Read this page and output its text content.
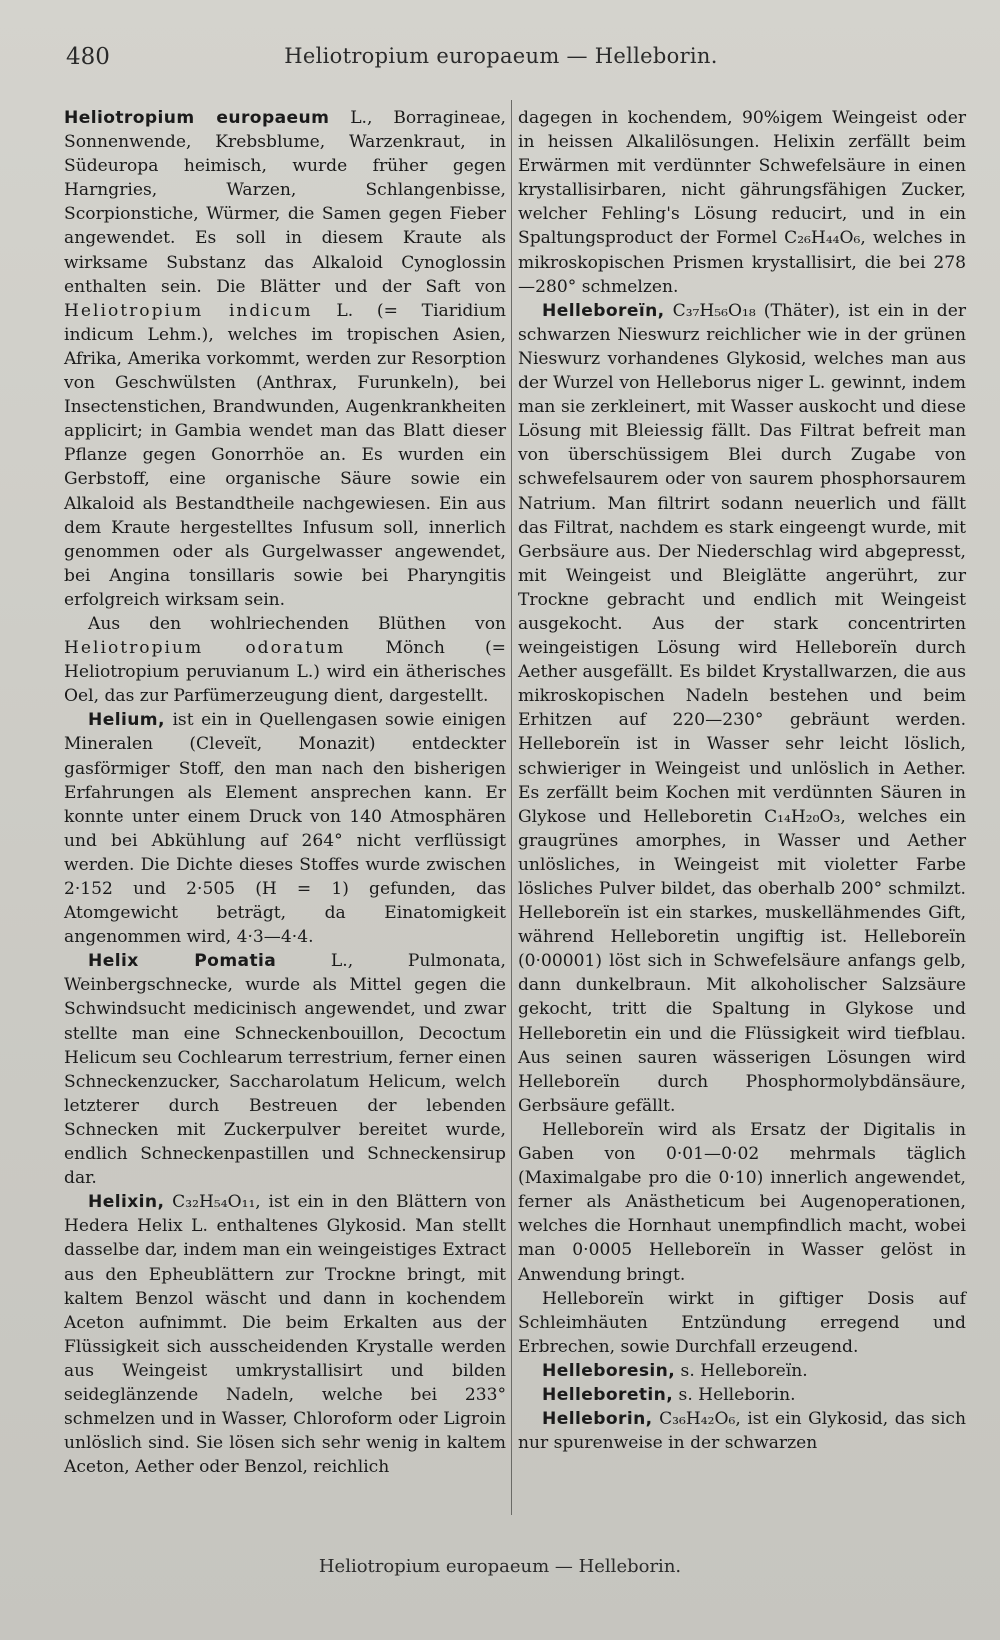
480	Heliotropium europaeum — Helleborin.

Heliotropium europaeum L., Borragineae, Sonnenwende, Krebsblume, Warzenkraut, in Südeuropa heimisch, wurde früher gegen Harngries, Warzen, Schlangenbisse, Scorpionstiche, Würmer, die Samen gegen Fieber angewendet. Es soll in diesem Kraute als wirksame Substanz das Alkaloid Cynoglossin enthalten sein. Die Blätter und der Saft von Heliotropium indicum L. (= Tiaridium indicum Lehm.), welches im tropischen Asien, Afrika, Amerika vorkommt, werden zur Resorption von Geschwülsten (Anthrax, Furunkeln), bei Insectenstichen, Brandwunden, Augenkrankheiten applicirt; in Gambia wendet man das Blatt dieser Pflanze gegen Gonorrhöe an. Es wurden ein Gerbstoff, eine organische Säure sowie ein Alkaloid als Bestandtheile nachgewiesen. Ein aus dem Kraute hergestelltes Infusum soll, innerlich genommen oder als Gurgelwasser angewendet, bei Angina tonsillaris sowie bei Pharyngitis erfolgreich wirksam sein.

Aus den wohlriechenden Blüthen von Heliotropium odoratum Mönch (= Heliotropium peruvianum L.) wird ein ätherisches Oel, das zur Parfümerzeugung dient, dargestellt.

Helium, ist ein in Quellengasen sowie einigen Mineralen (Cleveït, Monazit) entdeckter gasförmiger Stoff, den man nach den bisherigen Erfahrungen als Element ansprechen kann. Er konnte unter einem Druck von 140 Atmosphären und bei Abkühlung auf 264° nicht verflüssigt werden. Die Dichte dieses Stoffes wurde zwischen 2·152 und 2·505 (H = 1) gefunden, das Atomgewicht beträgt, da Einatomigkeit angenommen wird, 4·3—4·4.

Helix Pomatia L., Pulmonata, Weinbergschnecke, wurde als Mittel gegen die Schwindsucht medicinisch angewendet, und zwar stellte man eine Schneckenbouillon, Decoctum Helicum seu Cochlearum terrestrium, ferner einen Schneckenzucker, Saccharolatum Helicum, welch letzterer durch Bestreuen der lebenden Schnecken mit Zuckerpulver bereitet wurde, endlich Schneckenpastillen und Schneckensirup dar.

Helixin, C₃₂H₅₄O₁₁, ist ein in den Blättern von Hedera Helix L. enthaltenes Glykosid. Man stellt dasselbe dar, indem man ein weingeistiges Extract aus den Epheublättern zur Trockne bringt, mit kaltem Benzol wäscht und dann in kochendem Aceton aufnimmt. Die beim Erkalten aus der Flüssigkeit sich ausscheidenden Krystalle werden aus Weingeist umkrystallisirt und bilden seideglänzende Nadeln, welche bei 233° schmelzen und in Wasser, Chloroform oder Ligroin unlöslich sind. Sie lösen sich sehr wenig in kaltem Aceton, Aether oder Benzol, reichlich

dagegen in kochendem, 90%igem Weingeist oder in heissen Alkalilösungen. Helixin zerfällt beim Erwärmen mit verdünnter Schwefelsäure in einen krystallisirbaren, nicht gährungsfähigen Zucker, welcher Fehling's Lösung reducirt, und in ein Spaltungsproduct der Formel C₂₆H₄₄O₆, welches in mikroskopischen Prismen krystallisirt, die bei 278—280° schmelzen.

Helleboreïn, C₃₇H₅₆O₁₈ (Thäter), ist ein in der schwarzen Nieswurz reichlicher wie in der grünen Nieswurz vorhandenes Glykosid, welches man aus der Wurzel von Helleborus niger L. gewinnt, indem man sie zerkleinert, mit Wasser auskocht und diese Lösung mit Bleiessig fällt. Das Filtrat befreit man von überschüssigem Blei durch Zugabe von schwefelsaurem oder von saurem phosphorsaurem Natrium. Man filtrirt sodann neuerlich und fällt das Filtrat, nachdem es stark eingeengt wurde, mit Gerbsäure aus. Der Niederschlag wird abgepresst, mit Weingeist und Bleiglätte angerührt, zur Trockne gebracht und endlich mit Weingeist ausgekocht. Aus der stark concentrirten weingeistigen Lösung wird Helleboreïn durch Aether ausgefällt. Es bildet Krystallwarzen, die aus mikroskopischen Nadeln bestehen und beim Erhitzen auf 220—230° gebräunt werden. Helleboreïn ist in Wasser sehr leicht löslich, schwieriger in Weingeist und unlöslich in Aether. Es zerfällt beim Kochen mit verdünnten Säuren in Glykose und Helleboretin C₁₄H₂₀O₃, welches ein graugrünes amorphes, in Wasser und Aether unlösliches, in Weingeist mit violetter Farbe lösliches Pulver bildet, das oberhalb 200° schmilzt. Helleboreïn ist ein starkes, muskellähmendes Gift, während Helleboretin ungiftig ist. Helleboreïn (0·00001) löst sich in Schwefelsäure anfangs gelb, dann dunkelbraun. Mit alkoholischer Salzsäure gekocht, tritt die Spaltung in Glykose und Helleboretin ein und die Flüssigkeit wird tiefblau. Aus seinen sauren wässerigen Lösungen wird Helleboreïn durch Phosphormolybdänsäure, Gerbsäure gefällt.

Helleboreïn wird als Ersatz der Digitalis in Gaben von 0·01—0·02 mehrmals täglich (Maximalgabe pro die 0·10) innerlich angewendet, ferner als Anästheticum bei Augenoperationen, welches die Hornhaut unempfindlich macht, wobei man 0·0005 Helleboreïn in Wasser gelöst in Anwendung bringt.

Helleboreïn wirkt in giftiger Dosis auf Schleimhäuten Entzündung erregend und Erbrechen, sowie Durchfall erzeugend.

Helleboresin, s. Helleboreïn.

Helleboretin, s. Helleborin.

Helleborin, C₃₆H₄₂O₆, ist ein Glykosid, das sich nur spurenweise in der schwarzen

Heliotropium europaeum — Helleborin.
